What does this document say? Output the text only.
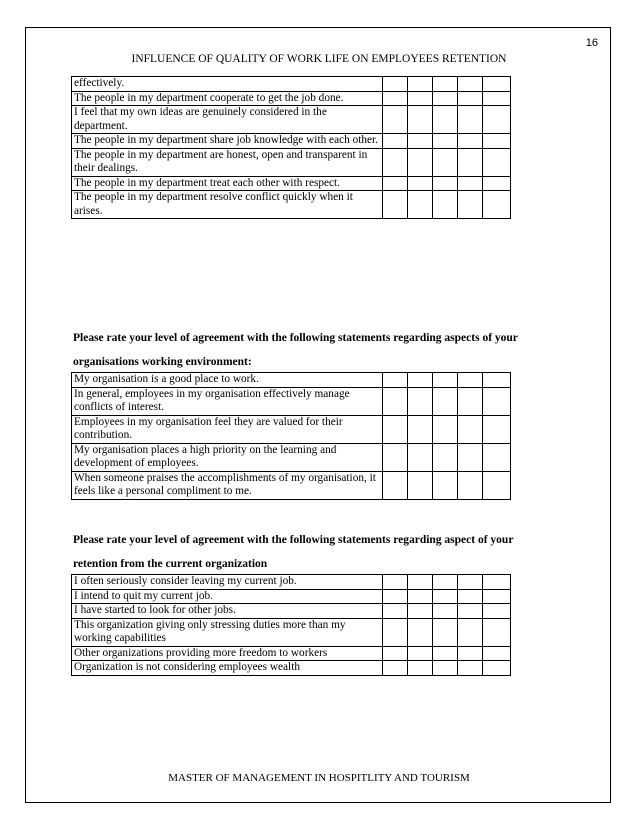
16
INFLUENCE OF QUALITY OF WORK LIFE ON EMPLOYEES RETENTION
effectively.					
The people in my department cooperate to get the job done.					
I feel that my own ideas are genuinely considered in the department.					
The people in my department share job knowledge with each other.					
The people in my department are honest, open and transparent in their dealings.					
The people in my department treat each other with respect.					
The people in my department resolve conflict quickly when it arises.					
Please rate your level of agreement with the following statements regarding aspects of your
organisations working environment:
My organisation is a good place to work.					
In general, employees in my organisation effectively manage conflicts of interest.					
Employees in my organisation feel they are valued for their contribution.					
My organisation places a high priority on the learning and development of employees.					
When someone praises the accomplishments of my organisation, it feels like a personal compliment to me.					
Please rate your level of agreement with the following statements regarding aspect of your
retention from the current organization
I often seriously consider leaving my current job.					
I intend to quit my current job.					
I have started to look for other jobs.					
This organization giving only stressing duties more than my working capabilities					
Other organizations providing more freedom to workers					
Organization is not considering employees wealth					
MASTER OF MANAGEMENT IN HOSPITLITY AND TOURISM
